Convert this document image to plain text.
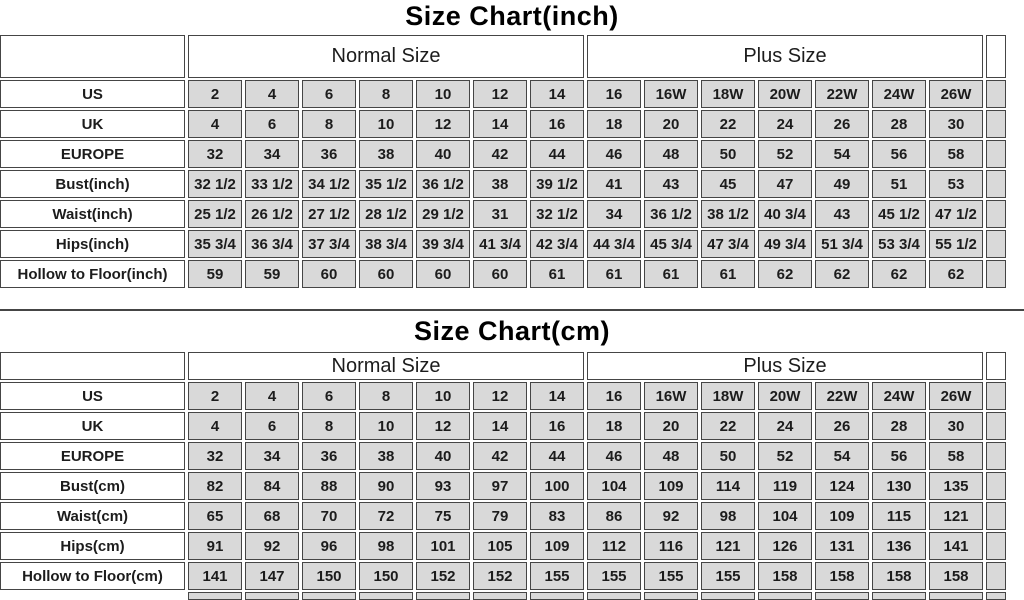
Size Chart(inch)
	Normal Size							Plus Size							
US	2	4	6	8	10	12	14	16	16W	18W	20W	22W	24W	26W	
UK	4	6	8	10	12	14	16	18	20	22	24	26	28	30	
EUROPE	32	34	36	38	40	42	44	46	48	50	52	54	56	58	
Bust(inch)	32 1/2	33 1/2	34 1/2	35 1/2	36 1/2	38	39 1/2	41	43	45	47	49	51	53	
Waist(inch)	25 1/2	26 1/2	27 1/2	28 1/2	29 1/2	31	32 1/2	34	36 1/2	38 1/2	40 3/4	43	45 1/2	47 1/2	
Hips(inch)	35 3/4	36 3/4	37 3/4	38 3/4	39 3/4	41 3/4	42 3/4	44 3/4	45 3/4	47 3/4	49 3/4	51 3/4	53 3/4	55 1/2	
Hollow to Floor(inch)	59	59	60	60	60	60	61	61	61	61	62	62	62	62	
Size Chart(cm)
	Normal Size							Plus Size							
US	2	4	6	8	10	12	14	16	16W	18W	20W	22W	24W	26W	
UK	4	6	8	10	12	14	16	18	20	22	24	26	28	30	
EUROPE	32	34	36	38	40	42	44	46	48	50	52	54	56	58	
Bust(cm)	82	84	88	90	93	97	100	104	109	114	119	124	130	135	
Waist(cm)	65	68	70	72	75	79	83	86	92	98	104	109	115	121	
Hips(cm)	91	92	96	98	101	105	109	112	116	121	126	131	136	141	
Hollow to Floor(cm)	141	147	150	150	152	152	155	155	155	155	158	158	158	158	
